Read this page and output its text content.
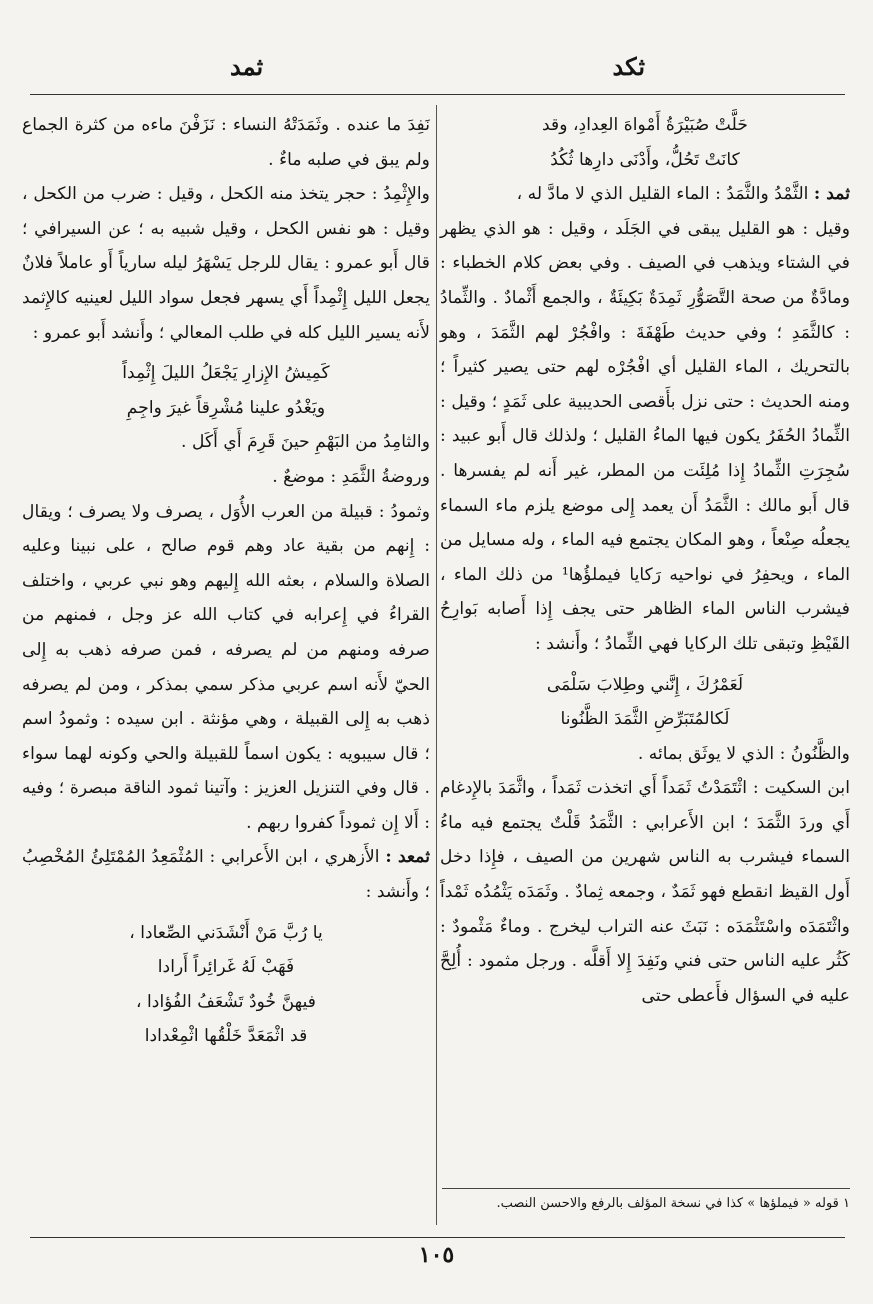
ثكد
ثمد

حَلَّتْ صُبَيْرَةُ أَمْواهَ العِدادِ، وقد

كانَتْ تَحُلُّ، وأَدْنَى دارِها ثُكُدُ

ثمد : الثَّمْدُ والثَّمَدُ : الماء القليل الذي لا مادَّ له ،

وقيل : هو القليل يبقى في الجَلَد ، وقيل : هو الذي يظهر في الشتاء ويذهب في الصيف . وفي بعض كلام الخطباء : ومادَّةٌ من صحة التَّصَوُّرِ ثَمِدَةٌ بَكِيئَةٌ ، والجمع أَثْمادٌ . والثِّمادُ : كالثَّمَدِ ؛ وفي حديث طَهْفَةَ : وافْجُرْ لهم الثَّمَدَ ، وهو بالتحريك ، الماء القليل أي افْجُرْه لهم حتى يصير كثيراً ؛ ومنه الحديث : حتى نزل بأَقصى الحديبية على ثَمَدٍ ؛ وقيل : الثِّمادُ الحُفَرُ يكون فيها الماءُ القليل ؛ ولذلك قال أَبو عبيد : سُجِرَتِ الثِّمادُ إِذا مُلِئَت من المطر، غير أَنه لم يفسرها . قال أَبو مالك : الثَّمَدُ أَن يعمد إِلى موضع يلزم ماء السماء يجعلُه صِنْعاً ، وهو المكان يجتمع فيه الماء ، وله مسايل من الماء ، ويحفِرُ في نواحيه رَكايا فيملؤُها¹ من ذلك الماء ، فيشرب الناس الماء الظاهر حتى يجف إِذا أَصابه بَوارِحُ القَيْظِ وتبقى تلك الركايا فهي الثِّمادُ ؛ وأَنشد :

لَعَمْرُكَ ، إِنَّني وطِلابَ سَلْمَى

لَكالمُتَبَرِّضِ الثَّمَدَ الظَّنُونا

والظَّنُونُ : الذي لا يوثَق بمائه .

ابن السكيت : اثْتَمَدْتُ ثَمَداً أَي اتخذت ثَمَداً ، واثَّمَدَ بالإِدغام أَي وردَ الثَّمَدَ ؛ ابن الأَعرابي : الثَّمَدُ قَلْتٌ يجتمع فيه ماءُ السماء فيشرب به الناس شهرين من الصيف ، فإِذا دخل أَول القيظ انقطع فهو ثَمَدٌ ، وجمعه ثِمادٌ . وثَمَدَه يَثْمُدُه ثَمْداً واثْتَمَدَه واسْتَثْمَدَه : نَبَثَ عنه التراب ليخرج . وماءٌ مَثْمودٌ : كَثُر عليه الناس حتى فني ونَفِدَ إِلا أَقلَّه . ورجل مثمود : أُلِحَّ عليه في السؤال فأَعطى حتى

نَفِدَ ما عنده . وثَمَدَتْهُ النساء : نَزَفْنَ ماءه من كثرة الجماع ولم يبق في صلبه ماءٌ .

والإِثْمِدُ : حجر يتخذ منه الكحل ، وقيل : ضرب من الكحل ، وقيل : هو نفس الكحل ، وقيل شبيه به ؛ عن السيرافي ؛ قال أَبو عمرو : يقال للرجل يَسْهَرُ ليله سارياً أَو عاملاً فلانٌ يجعل الليل إِثْمِداً أَي يسهر فجعل سواد الليل لعينيه كالإِثمد لأَنه يسير الليل كله في طلب المعالي ؛ وأَنشد أَبو عمرو :

كَمِيشُ الإِزارِ يَجْعَلُ الليلَ إِثْمِداً

ويَغْدُو علينا مُشْرِقاً غيرَ واجِمِ

والثامِدُ من البَهْمِ حينَ قَرِمَ أَي أَكَل .

وروضةُ الثَّمَدِ : موضعٌ .

وثمودُ : قبيلة من العرب الأُوَل ، يصرف ولا يصرف ؛ ويقال : إِنهم من بقية عاد وهم قوم صالح ، على نبينا وعليه الصلاة والسلام ، بعثه الله إِليهم وهو نبي عربي ، واختلف القراءُ في إِعرابه في كتاب الله عز وجل ، فمنهم من صرفه ومنهم من لم يصرفه ، فمن صرفه ذهب به إِلى الحيّ لأَنه اسم عربي مذكر سمي بمذكر ، ومن لم يصرفه ذهب به إِلى القبيلة ، وهي مؤنثة . ابن سيده : وثمودُ اسم ؛ قال سيبويه : يكون اسماً للقبيلة والحي وكونه لهما سواء . قال وفي التنزيل العزيز : وآتينا ثمود الناقة مبصرة ؛ وفيه : أَلا إِن ثموداً كفروا ربهم .

ثمعد : الأَزهري ، ابن الأَعرابي : المُثْمَعِدُ المُمْتَلِئُ المُخْصِبُ ؛ وأَنشد :

يا رُبَّ مَنْ أَنْشَدَني الصِّعادا ،

فَهَبْ لَهُ غَرائِراً أَرادا

فيهنَّ خُودٌ تَشْعَفُ الفُؤادا ،

قد اثْمَعَدَّ خَلْقُها اثْمِعْدادا

١ قوله « فيملؤها » كذا في نسخة المؤلف بالرفع والاحسن النصب.
١٠٥
